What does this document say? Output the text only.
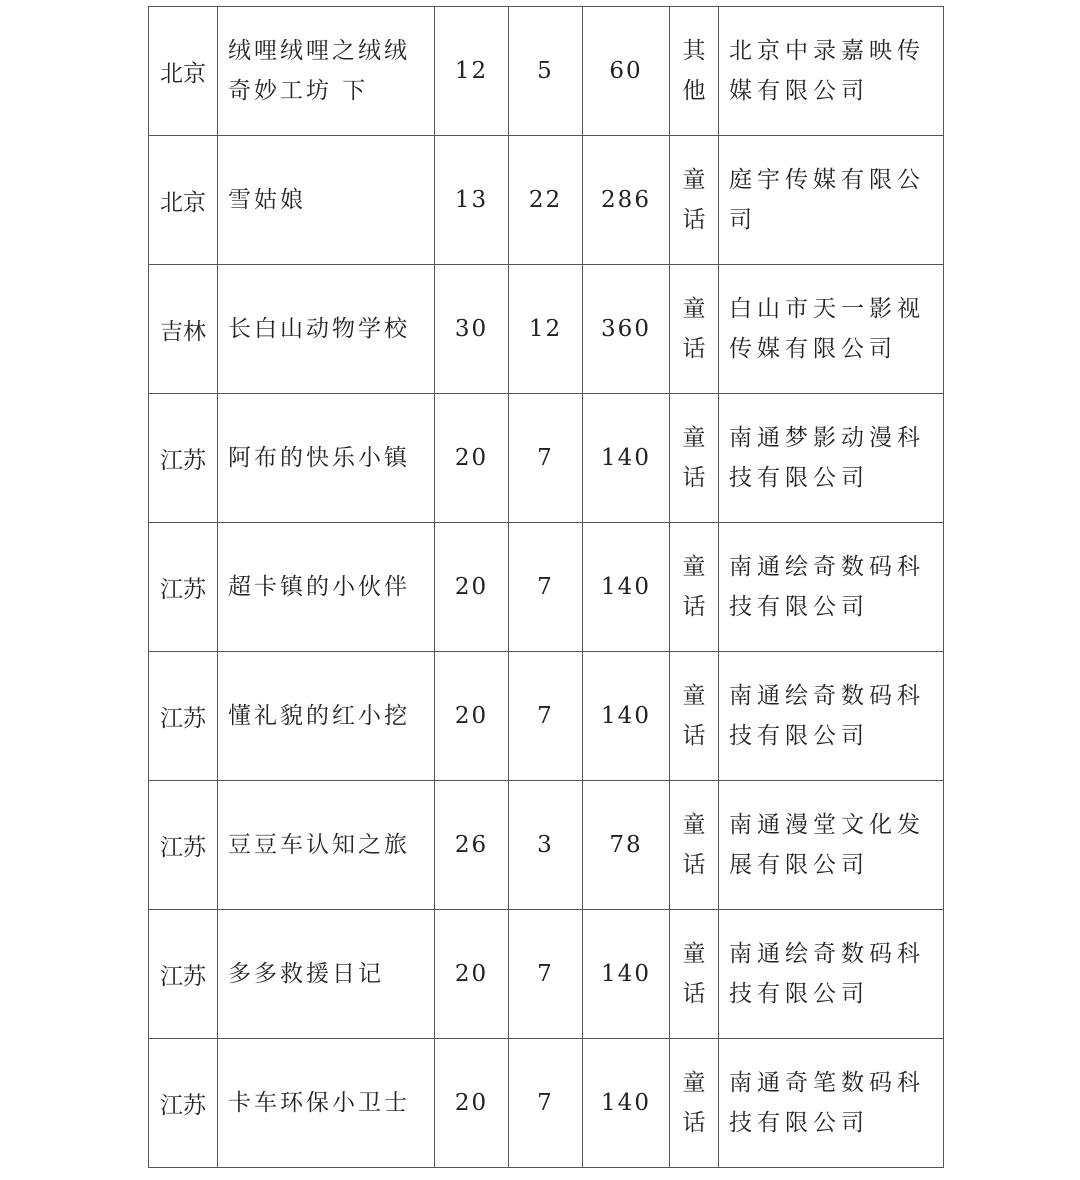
北京	绒哩绒哩之绒绒奇妙工坊 下	12	5	60	其他	北京中录嘉映传媒有限公司
北京	雪姑娘	13	22	286	童话	庭宇传媒有限公司
吉林	长白山动物学校	30	12	360	童话	白山市天一影视传媒有限公司
江苏	阿布的快乐小镇	20	7	140	童话	南通梦影动漫科技有限公司
江苏	超卡镇的小伙伴	20	7	140	童话	南通绘奇数码科技有限公司
江苏	懂礼貌的红小挖	20	7	140	童话	南通绘奇数码科技有限公司
江苏	豆豆车认知之旅	26	3	78	童话	南通漫堂文化发展有限公司
江苏	多多救援日记	20	7	140	童话	南通绘奇数码科技有限公司
江苏	卡车环保小卫士	20	7	140	童话	南通奇笔数码科技有限公司
